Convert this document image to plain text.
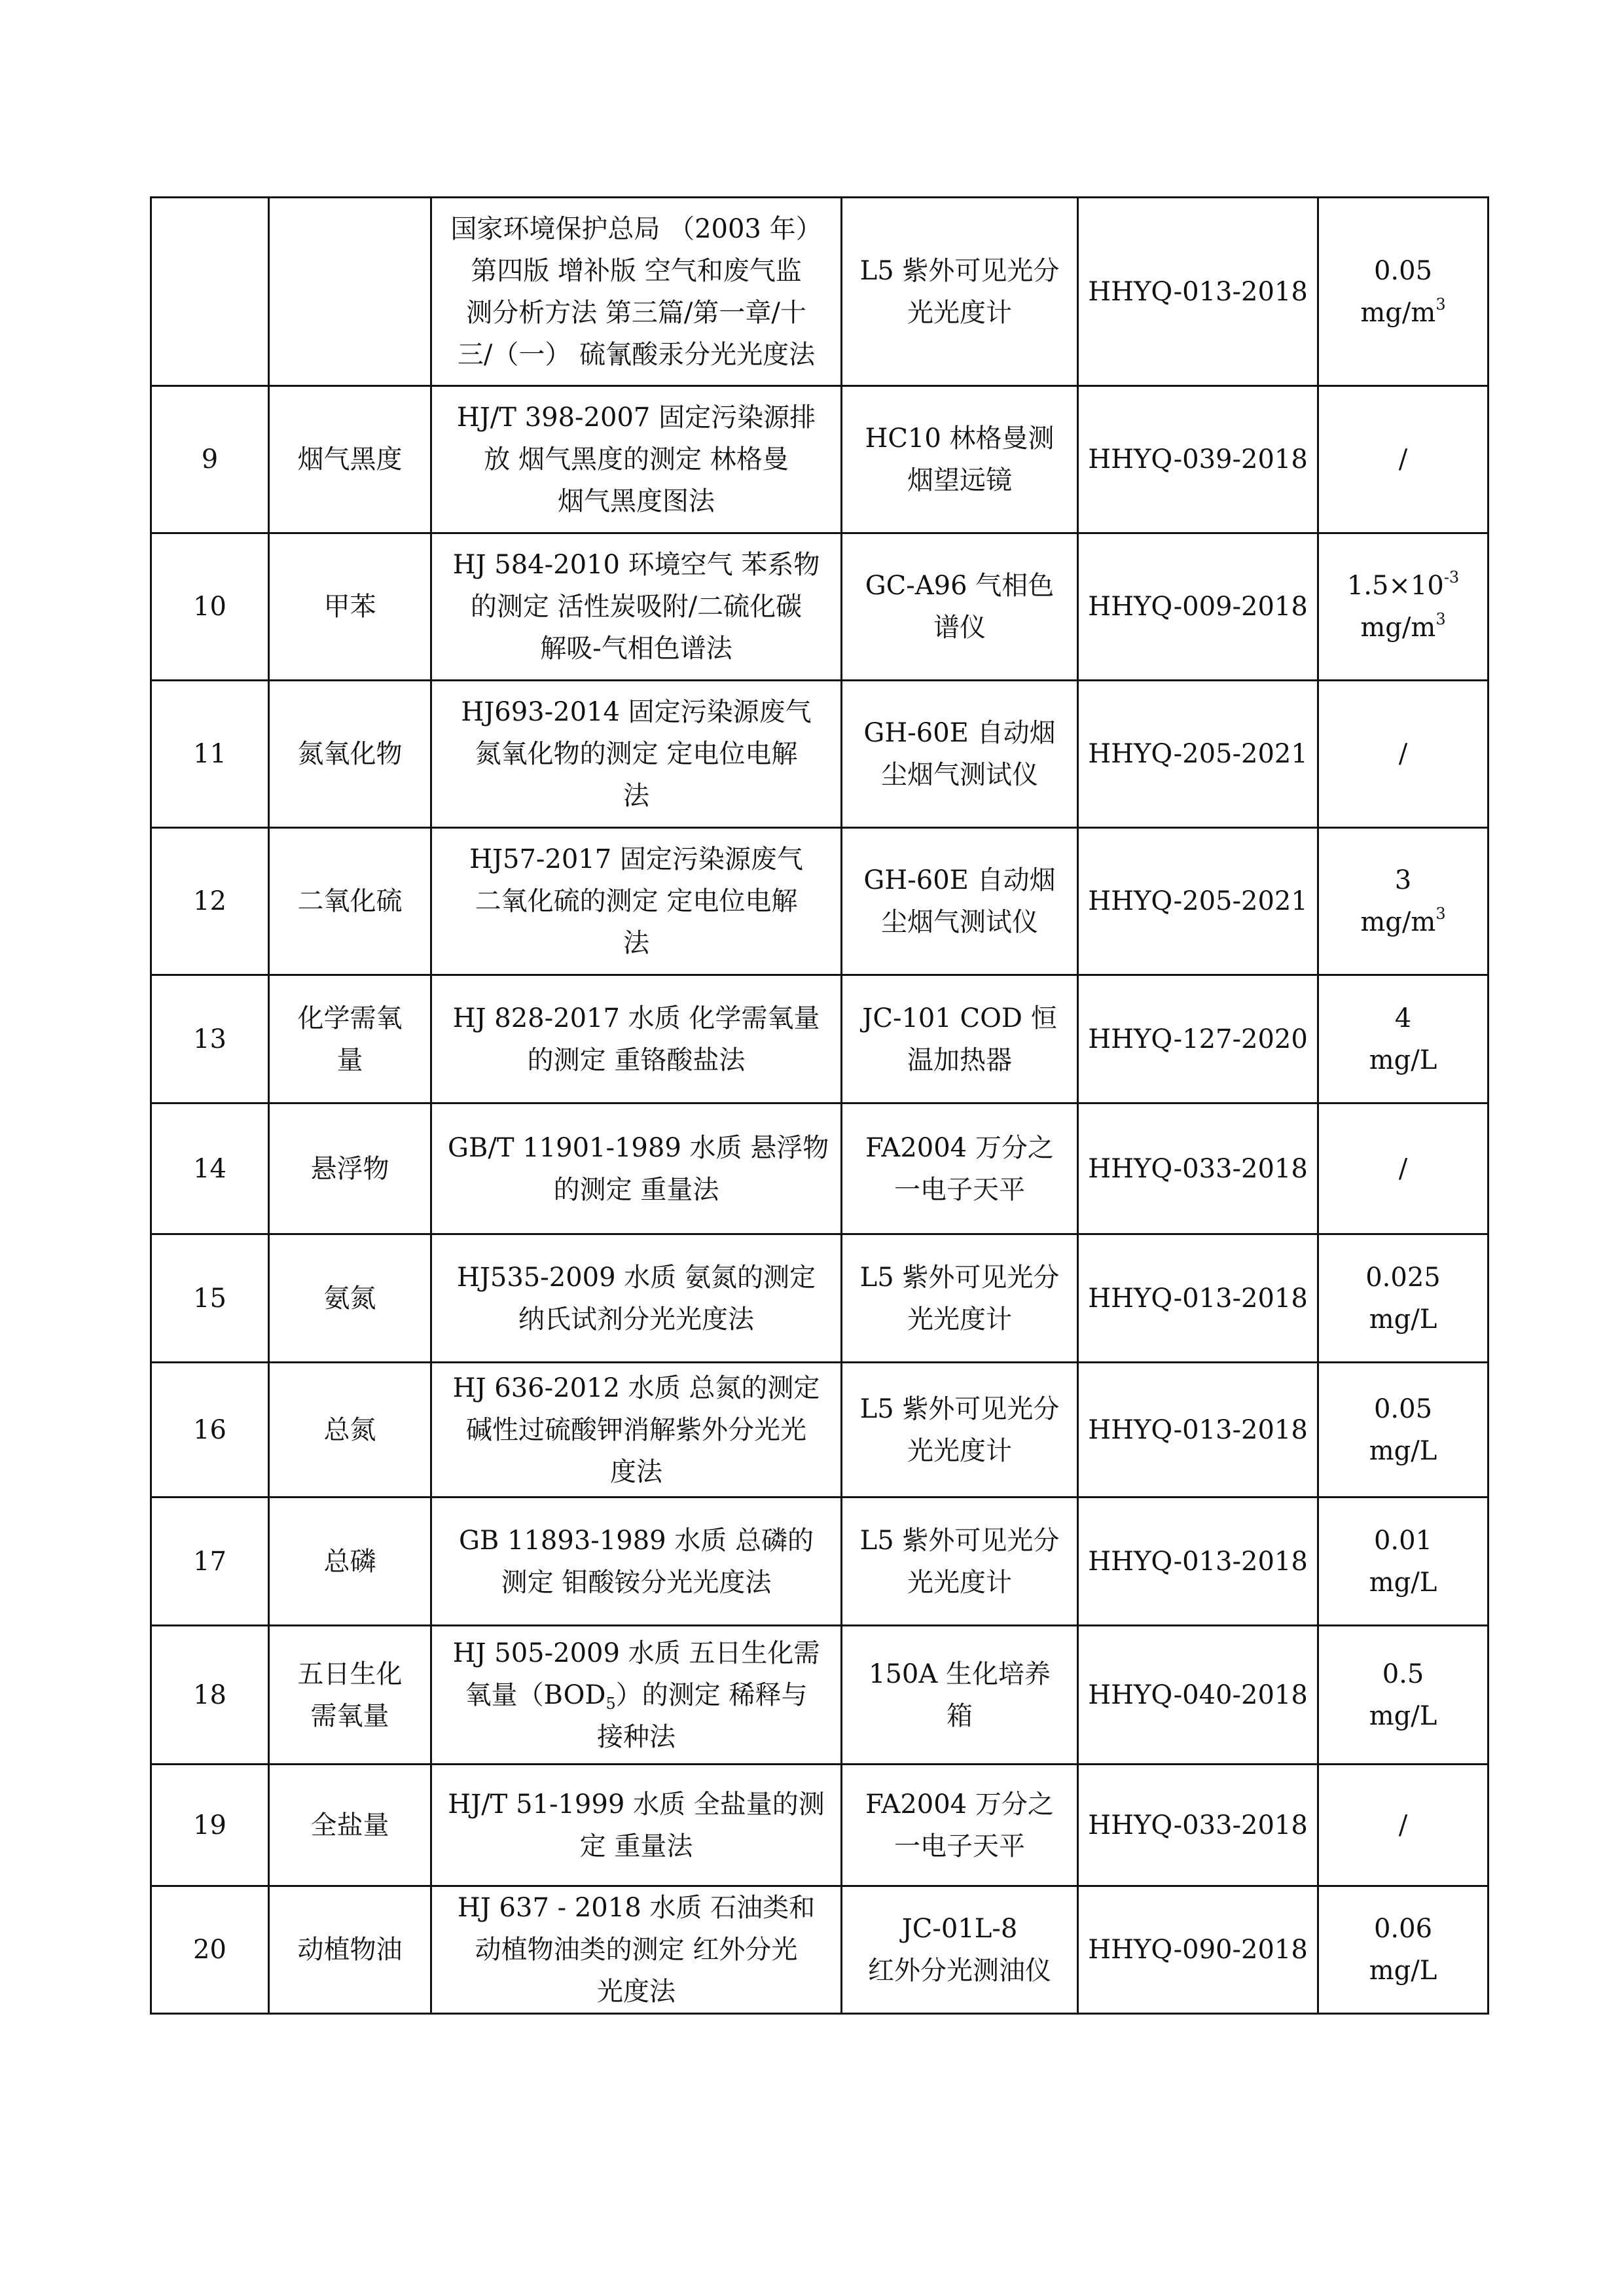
		国家环境保护总局 （2003 年）
第四版 增补版 空气和废气监
测分析方法 第三篇/第一章/十
三/（一） 硫氰酸汞分光光度法	L5 紫外可见光分
光光度计	HHYQ-013-2018	0.05
$mg/m^3$

9	烟气黑度	HJ/T 398-2007 固定污染源排
放 烟气黑度的测定 林格曼
烟气黑度图法	HC10 林格曼测
烟望远镜	HHYQ-039-2018	/

10	甲苯	HJ 584-2010 环境空气 苯系物
的测定 活性炭吸附/二硫化碳
解吸-气相色谱法	GC-A96 气相色
谱仪	HHYQ-009-2018	$1.5\times 10^{-3}$
$mg/m^3$

11	氮氧化物	HJ693-2014 固定污染源废气
氮氧化物的测定 定电位电解
法	GH-60E 自动烟
尘烟气测试仪	HHYQ-205-2021	/

12	二氧化硫	HJ57-2017 固定污染源废气
二氧化硫的测定 定电位电解
法	GH-60E 自动烟
尘烟气测试仪	HHYQ-205-2021	3
$mg/m^3$

13	化学需氧
量	HJ 828-2017 水质 化学需氧量
的测定 重铬酸盐法	JC-101 COD 恒
温加热器	HHYQ-127-2020	4
mg/L

14	悬浮物	GB/T 11901-1989 水质 悬浮物
的测定 重量法	FA2004 万分之
一电子天平	HHYQ-033-2018	/

15	氨氮	HJ535-2009 水质 氨氮的测定
纳氏试剂分光光度法	L5 紫外可见光分
光光度计	HHYQ-013-2018	0.025
mg/L

16	总氮	HJ 636-2012 水质 总氮的测定
碱性过硫酸钾消解紫外分光光
度法	L5 紫外可见光分
光光度计	HHYQ-013-2018	0.05
mg/L

17	总磷	GB 11893-1989 水质 总磷的
测定 钼酸铵分光光度法	L5 紫外可见光分
光光度计	HHYQ-013-2018	0.01
mg/L

18	五日生化
需氧量	HJ 505-2009 水质 五日生化需
氧量$(BOD_5)$的测定 稀释与
接种法	150A 生化培养
箱	HHYQ-040-2018	0.5
mg/L

19	全盐量	HJ/T 51-1999 水质 全盐量的测
定 重量法	FA2004 万分之
一电子天平	HHYQ-033-2018	/

20	动植物油	HJ 637 - 2018 水质 石油类和
动植物油类的测定 红外分光
光度法	JC-01L-8
红外分光测油仪	HHYQ-090-2018	0.06
mg/L
